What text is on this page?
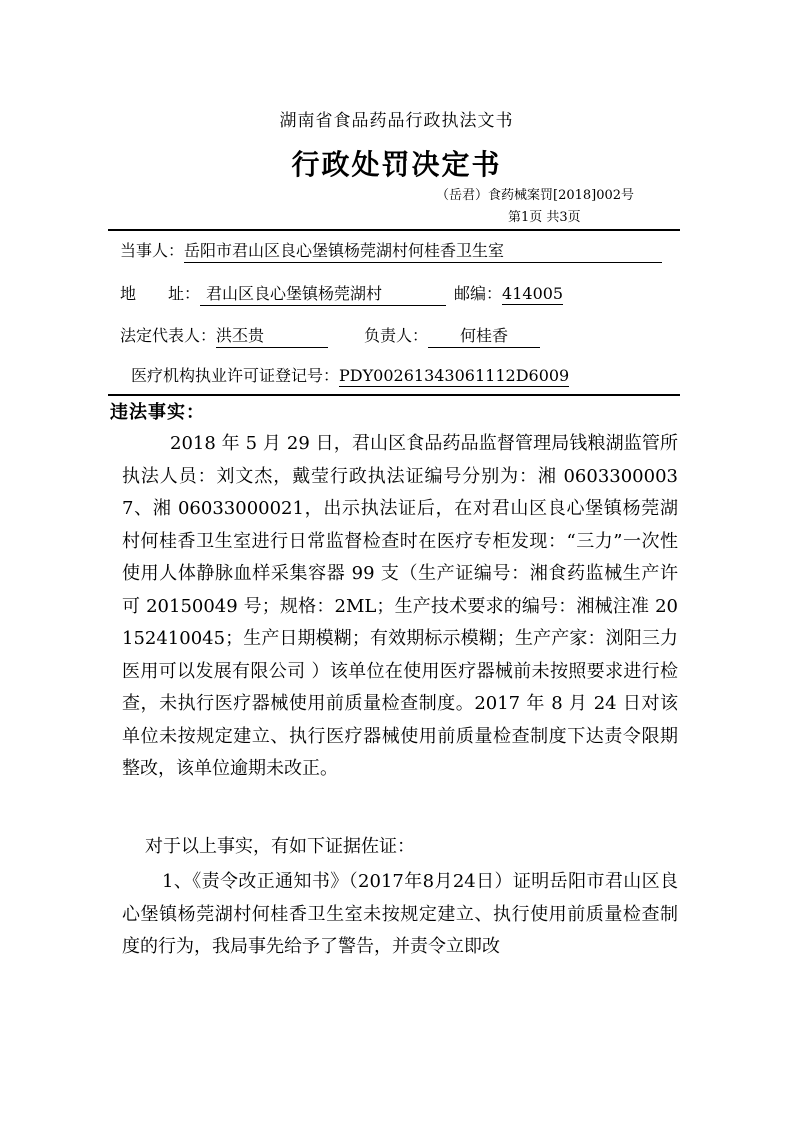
湖南省食品药品行政执法文书
行政处罚决定书
（岳君）食药械案罚[2018]002号
第1页 共3页
当事人：岳阳市君山区良心堡镇杨莞湖村何桂香卫生室
地　　址： 君山区良心堡镇杨莞湖村	邮编：414005
法定代表人：洪丕贵	负责人： 何桂香
医疗机构执业许可证登记号：PDY00261343061112D6009
违法事实：
2018 年 5 月 29 日，君山区食品药品监督管理局钱粮湖监管所执法人员：刘文杰，戴莹行政执法证编号分别为：湘 06033000037、湘 06033000021，出示执法证后，在对君山区良心堡镇杨莞湖村何桂香卫生室进行日常监督检查时在医疗专柜发现：“三力”一次性使用人体静脉血样采集容器 99 支（生产证编号：湘食药监械生产许可 20150049 号；规格：2ML；生产技术要求的编号：湘械注准 20152410045；生产日期模糊；有效期标示模糊；生产产家：浏阳三力医用可以发展有限公司 ）该单位在使用医疗器械前未按照要求进行检查，未执行医疗器械使用前质量检查制度。2017 年 8 月 24 日对该单位未按规定建立、执行医疗器械使用前质量检查制度下达责令限期整改，该单位逾期未改正。
对于以上事实，有如下证据佐证：
1、《责令改正通知书》（2017年8月24日）证明岳阳市君山区良心堡镇杨莞湖村何桂香卫生室未按规定建立、执行使用前质量检查制度的行为，我局事先给予了警告，并责令立即改
